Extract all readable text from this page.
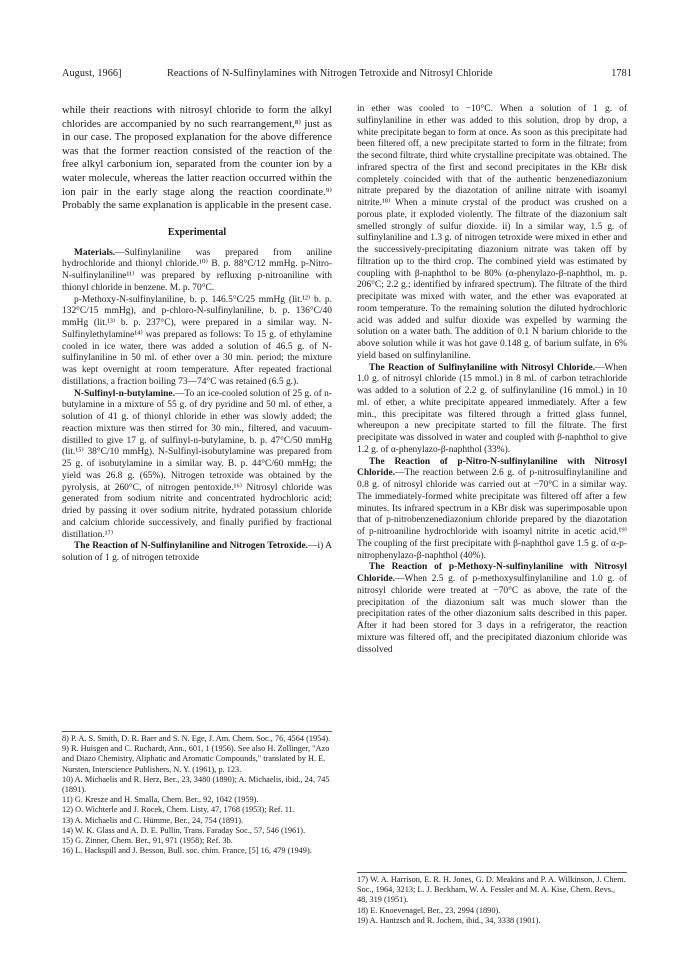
August, 1966]	Reactions of N-Sulfinylamines with Nitrogen Tetroxide and Nitrosyl Chloride	1781

while their reactions with nitrosyl chloride to form the alkyl chlorides are accompanied by no such rearrangement,⁸⁾ just as in our case. The proposed explanation for the above difference was that the former reaction consisted of the reaction of the free alkyl carbonium ion, separated from the counter ion by a water molecule, whereas the latter reaction occurred within the ion pair in the early stage along the reaction coordinate.⁹⁾ Probably the same explanation is applicable in the present case.

Experimental

Materials.—Sulfinylaniline was prepared from aniline hydrochloride and thionyl chloride.¹⁰⁾ B. p. 88°C/12 mmHg. p-Nitro-N-sulfinylaniline¹¹⁾ was prepared by refluxing p-nitroaniline with thionyl chloride in benzene. M. p. 70°C.

p-Methoxy-N-sulfinylaniline, b. p. 146.5°C/25 mmHg (lit.¹²⁾ b. p. 132°C/15 mmHg), and p-chloro-N-sulfinylaniline, b. p. 136°C/40 mmHg (lit.¹³⁾ b. p. 237°C), were prepared in a similar way. N-Sulfinylethylamine¹⁴⁾ was prepared as follows: To 15 g. of ethylamine cooled in ice water, there was added a solution of 46.5 g. of N-sulfinylaniline in 50 ml. of ether over a 30 min. period; the mixture was kept overnight at room temperature. After repeated fractional distillations, a fraction boiling 73—74°C was retained (6.5 g.).

N-Sulfinyl-n-butylamine.—To an ice-cooled solution of 25 g. of n-butylamine in a mixture of 55 g. of dry pyridine and 50 ml. of ether, a solution of 41 g. of thionyl chloride in ether was slowly added; the reaction mixture was then stirred for 30 min., filtered, and vacuum-distilled to give 17 g. of sulfinyl-n-butylamine, b. p. 47°C/50 mmHg (lit.¹⁵⁾ 38°C/10 mmHg). N-Sulfinyl-isobutylamine was prepared from 25 g. of isobutylamine in a similar way. B. p. 44°C/60 mmHg; the yield was 26.8 g. (65%). Nitrogen tetroxide was obtained by the pyrolysis, at 260°C, of nitrogen pentoxide.¹⁶⁾ Nitrosyl chloride was generated from sodium nitrite and concentrated hydrochloric acid; dried by passing it over sodium nitrite, hydrated potassium chloride and calcium chloride successively, and finally purified by fractional distillation.¹⁷⁾

The Reaction of N-Sulfinylaniline and Nitrogen Tetroxide.—i) A solution of 1 g. of nitrogen tetroxide

8) P. A. S. Smith, D. R. Baer and S. N. Ege, J. Am. Chem. Soc., 76, 4564 (1954).
9) R. Huisgen and C. Ruchardt, Ann., 601, 1 (1956). See also H. Zollinger, "Azo and Diazo Chemistry, Aliphatic and Aromatic Compounds," translated by H. E. Nursten, Interscience Publishers, N. Y. (1961), p. 123.
10) A. Michaelis and R. Herz, Ber., 23, 3480 (1890); A. Michaelis, ibid., 24, 745 (1891).
11) G. Kresze and H. Smalla, Chem. Ber., 92, 1042 (1959).
12) O. Wichterle and J. Rocek, Chem. Listy, 47, 1768 (1953); Ref. 11.
13) A. Michaelis and C. Hümme, Ber., 24, 754 (1891).
14) W. K. Glass and A. D. E. Pullin, Trans. Faraday Soc., 57, 546 (1961).
15) G. Zinner, Chem. Ber., 91, 971 (1958); Ref. 3b.
16) L. Hackspill and J. Besson, Bull. soc. chim. France, [5] 16, 479 (1949).

in ether was cooled to −10°C. When a solution of 1 g. of sulfinylaniline in ether was added to this solution, drop by drop, a white precipitate began to form at once. As soon as this precipitate had been filtered off, a new precipitate started to form in the filtrate; from the second filtrate, third white crystalline precipitate was obtained. The infrared spectra of the first and second precipitates in the KBr disk completely coincided with that of the authentic benzenediazonium nitrate prepared by the diazotation of aniline nitrate with isoamyl nitrite.¹⁸⁾ When a minute crystal of the product was crushed on a porous plate, it exploded violently. The filtrate of the diazonium salt smelled strongly of sulfur dioxide. ii) In a similar way, 1.5 g. of sulfinylaniline and 1.3 g. of nitrogen tetroxide were mixed in ether and the successively-precipitating diazonium nitrate was taken off by filtration up to the third crop. The combined yield was estimated by coupling with β-naphthol to be 80% (α-phenylazo-β-naphthol, m. p. 206°C; 2.2 g.; identified by infrared spectrum). The filtrate of the third precipitate was mixed with water, and the ether was evaporated at room temperature. To the remaining solution the diluted hydrochloric acid was added and sulfur dioxide was expelled by warming the solution on a water bath. The addition of 0.1 N barium chloride to the above solution while it was hot gave 0.148 g. of barium sulfate, in 6% yield based on sulfinylaniline.

The Reaction of Sulfinylaniline with Nitrosyl Chloride.—When 1.0 g. of nitrosyl chloride (15 mmol.) in 8 ml. of carbon tetrachloride was added to a solution of 2.2 g. of sulfinylaniline (16 mmol.) in 10 ml. of ether, a white precipitate appeared immediately. After a few min., this precipitate was filtered through a fritted glass funnel, whereupon a new precipitate started to fill the filtrate. The first precipitate was dissolved in water and coupled with β-naphthol to give 1.2 g. of α-phenylazo-β-naphthol (33%).

The Reaction of p-Nitro-N-sulfinylaniline with Nitrosyl Chloride.—The reaction between 2.6 g. of p-nitrosulfinylaniline and 0.8 g. of nitrosyl chloride was carried out at −70°C in a similar way. The immediately-formed white precipitate was filtered off after a few minutes. Its infrared spectrum in a KBr disk was superimposable upon that of p-nitrobenzenediazonium chloride prepared by the diazotation of p-nitroaniline hydrochloride with isoamyl nitrite in acetic acid.¹⁹⁾ The coupling of the first precipitate with β-naphthol gave 1.5 g. of α-p-nitrophenylazo-β-naphthol (40%).

The Reaction of p-Methoxy-N-sulfinylaniline with Nitrosyl Chloride.—When 2.5 g. of p-methoxysulfinylaniline and 1.0 g. of nitrosyl chloride were treated at −70°C as above, the rate of the precipitation of the diazonium salt was much slower than the precipitation rates of the other diazonium salts described in this paper. After it had been stored for 3 days in a refrigerator, the reaction mixture was filtered off, and the precipitated diazonium chloride was dissolved

17) W. A. Harrison, E. R. H. Jones, G. D. Meakins and P. A. Wilkinson, J. Chem. Soc., 1964, 3213; L. J. Beckham, W. A. Fessler and M. A. Kise, Chem. Revs., 48, 319 (1951).
18) E. Knoevenagel, Ber., 23, 2994 (1890).
19) A. Hantzsch and R. Jochem, ibid., 34, 3338 (1901).
